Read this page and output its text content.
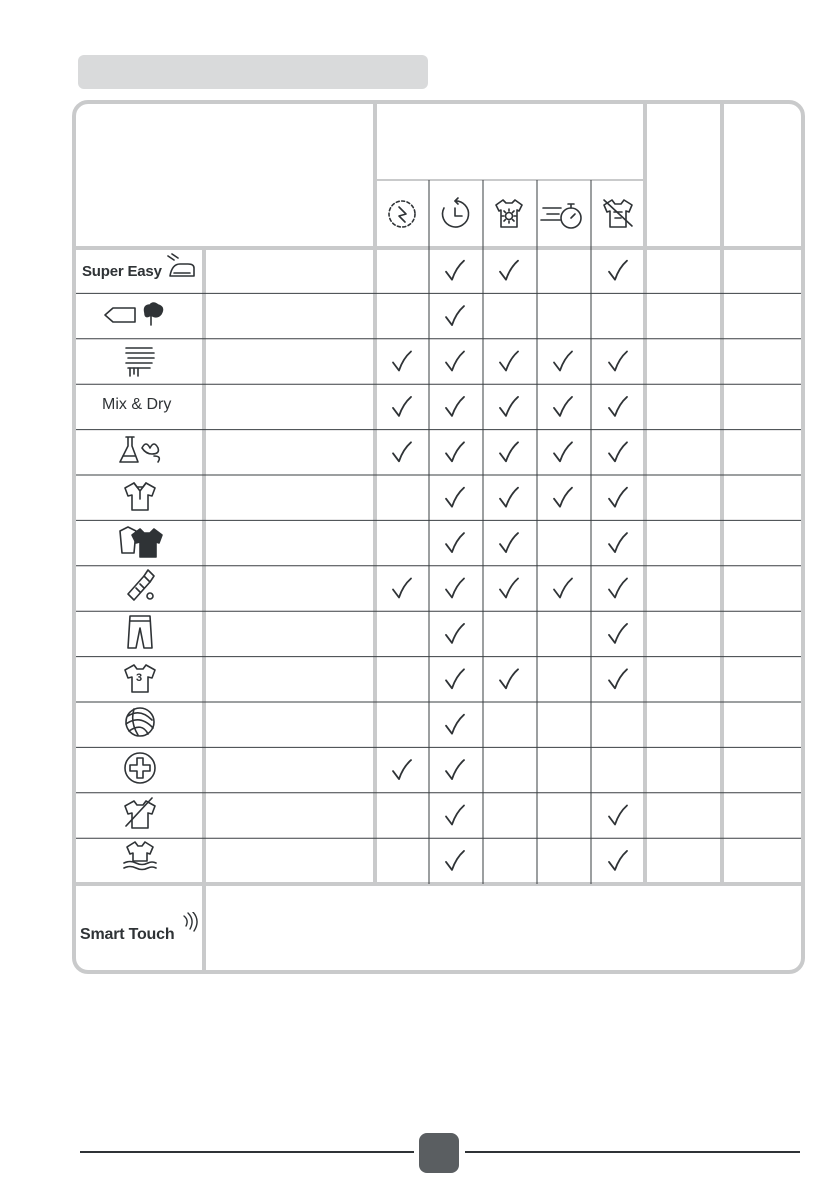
Super Easy
Mix & Dry
3
Smart Touch
